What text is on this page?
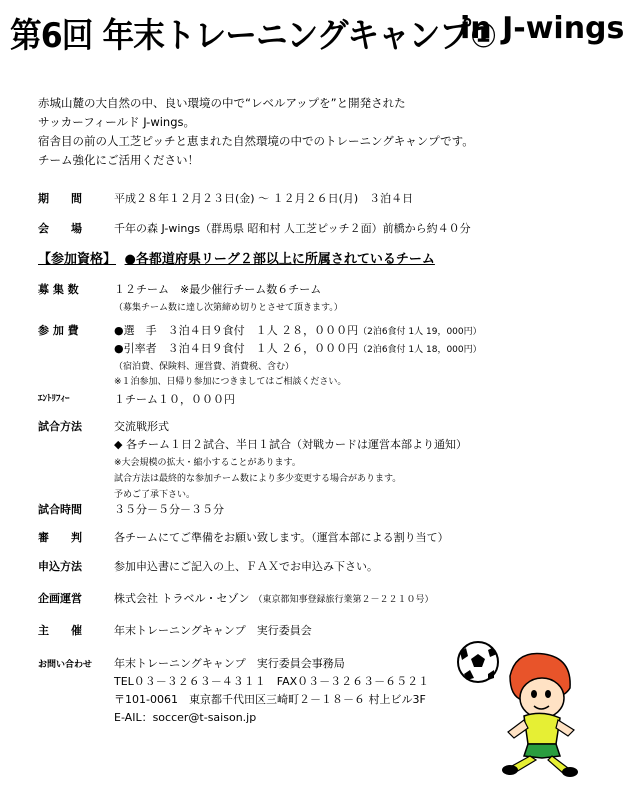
第6回 年末トレーニングキャンプ①
in J-wings
赤城山麓の大自然の中、良い環境の中で“レベルアップを”と開発された
サッカーフィールド J-wings。
宿舎目の前の人工芝ピッチと恵まれた自然環境の中でのトレーニングキャンプです。
チーム強化にご活用ください！
期　　間	平成２８年１２月２３日(金) ～ １２月２６日(月)　３泊４日
会　　場	千年の森 J-wings（群馬県 昭和村 人工芝ピッチ２面）前橋から約４０分
【参加資格】 ●各都道府県リーグ２部以上に所属されているチーム
募 集 数	１２チーム　※最少催行チーム数６チーム
（募集チーム数に達し次第締め切りとさせて頂きます。）
参 加 費	●選　手　３泊４日９食付　１人 ２８，０００円（2泊6食付 1人 19，000円）
●引率者　３泊４日９食付　１人 ２６，０００円（2泊6食付 1人 18，000円）
（宿泊費、保険料、運営費、消費税、含む）
※１泊参加、日帰り参加につきましてはご相談ください。
ｴﾝﾄﾘﾌｨｰ	１チーム１０，０００円
試合方法	交流戦形式
◆ 各チーム１日２試合、半日１試合（対戦カードは運営本部より通知）
※大会規模の拡大・縮小することがあります。
試合方法は最終的な参加チーム数により多少変更する場合があります。
予めご了承下さい。
試合時間	３５分－５分－３５分
審　　判	各チームにてご準備をお願い致します。（運営本部による割り当て）
申込方法	参加申込書にご記入の上、ＦＡＸでお申込み下さい。
企画運営	株式会社 トラベル・セゾン （東京都知事登録旅行業第２－２２１０号）
主　　催	年末トレーニングキャンプ　実行委員会
お問い合わせ 年末トレーニングキャンプ　実行委員会事務局
TEL０３－３２６３－４３１１　FAX０３－３２６３－６５２１
〒101-0061　東京都千代田区三崎町２－１８－６ 村上ビル3F
E-AIL：soccer@t-saison.jp
